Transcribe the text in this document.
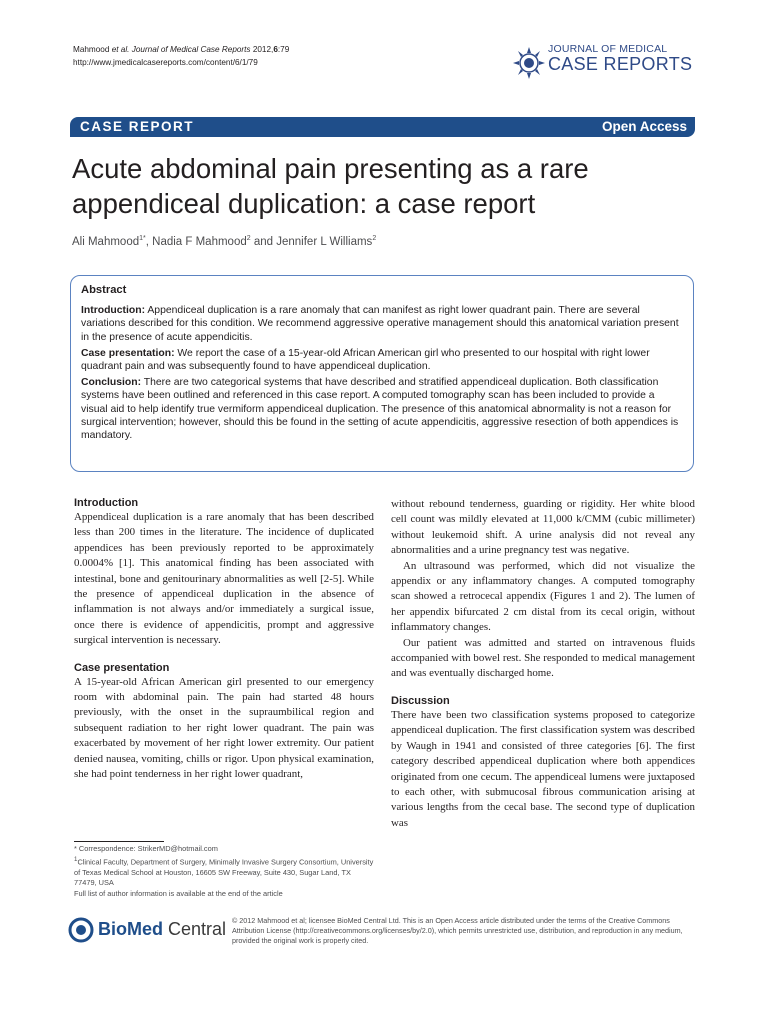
Mahmood et al. Journal of Medical Case Reports 2012,6:79
http://www.jmedicalcasereports.com/content/6/1/79
JOURNAL OF MEDICAL
CASE REPORTS
CASE REPORT	Open Access
Acute abdominal pain presenting as a rare
appendiceal duplication: a case report
Ali Mahmood$^{1*}$, Nadia F Mahmood$^2$ and Jennifer L Williams$^2$
Abstract

Introduction: Appendiceal duplication is a rare anomaly that can manifest as right lower quadrant pain. There are several variations described for this condition. We recommend aggressive operative management should this anatomical variation present in the presence of acute appendicitis.

Case presentation: We report the case of a 15-year-old African American girl who presented to our hospital with right lower quadrant pain and was subsequently found to have appendiceal duplication.

Conclusion: There are two categorical systems that have described and stratified appendiceal duplication. Both classification systems have been outlined and referenced in this case report. A computed tomography scan has been included to provide a visual aid to help identify true vermiform appendiceal duplication. The presence of this anatomical abnormality is not a reason for surgical intervention; however, should this be found in the setting of acute appendicitis, aggressive resection of both appendices is mandatory.

Introduction

Appendiceal duplication is a rare anomaly that has been described less than 200 times in the literature. The incidence of duplicated appendices has been previously reported to be approximately 0.0004% [1]. This anatomical finding has been associated with intestinal, bone and genitourinary abnormalities as well [2-5]. While the presence of appendiceal duplication in the absence of inflammation is not always and/or immediately a surgical issue, once there is evidence of appendicitis, prompt and aggressive surgical intervention is necessary.

Case presentation

A 15-year-old African American girl presented to our emergency room with abdominal pain. The pain had started 48 hours previously, with the onset in the supraumbilical region and subsequent radiation to her right lower quadrant. The pain was exacerbated by movement of her right lower extremity. Our patient denied nausea, vomiting, chills or rigor. Upon physical examination, she had point tenderness in her right lower quadrant,

without rebound tenderness, guarding or rigidity. Her white blood cell count was mildly elevated at 11,000 k/CMM (cubic millimeter) without leukemoid shift. A urine analysis did not reveal any abnormalities and a urine pregnancy test was negative.

An ultrasound was performed, which did not visualize the appendix or any inflammatory changes. A computed tomography scan showed a retrocecal appendix (Figures 1 and 2). The lumen of her appendix bifurcated 2 cm distal from its cecal origin, without inflammatory changes.

Our patient was admitted and started on intravenous fluids accompanied with bowel rest. She responded to medical management and was eventually discharged home.

Discussion

There have been two classification systems proposed to categorize appendiceal duplication. The first classification system was described by Waugh in 1941 and consisted of three categories [6]. The first category described appendiceal duplication where both appendices originated from one cecum. The appendiceal lumens were juxtaposed to each other, with submucosal fibrous communication arising at various lengths from the cecal base. The second type of duplication was

* Correspondence: StrikerMD@hotmail.com
$^1$Clinical Faculty, Department of Surgery, Minimally Invasive Surgery Consortium, University of Texas Medical School at Houston, 16605 SW Freeway, Suite 430, Sugar Land, TX 77479, USA
Full list of author information is available at the end of the article
BioMed Central © 2012 Mahmood et al; licensee BioMed Central Ltd. This is an Open Access article distributed under the terms of the Creative Commons Attribution License (http://creativecommons.org/licenses/by/2.0), which permits unrestricted use, distribution, and reproduction in any medium, provided the original work is properly cited.
